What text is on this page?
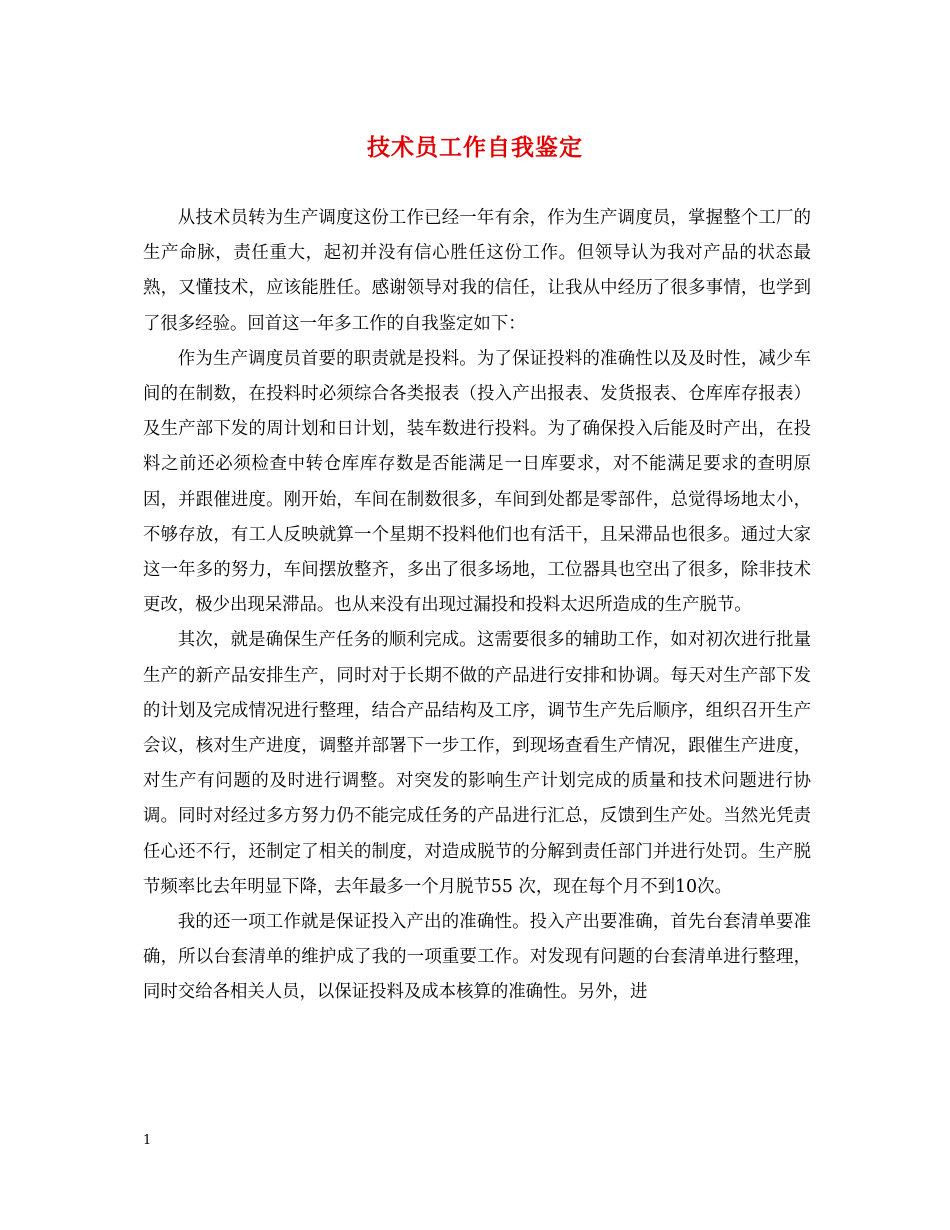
技术员工作自我鉴定

从技术员转为生产调度这份工作已经一年有余，作为生产调度员，掌握整个工厂的生产命脉，责任重大，起初并没有信心胜任这份工作。但领导认为我对产品的状态最熟，又懂技术，应该能胜任。感谢领导对我的信任，让我从中经历了很多事情，也学到了很多经验。回首这一年多工作的自我鉴定如下：

作为生产调度员首要的职责就是投料。为了保证投料的准确性以及及时性，减少车间的在制数，在投料时必须综合各类报表（投入产出报表、发货报表、仓库库存报表）及生产部下发的周计划和日计划，装车数进行投料。为了确保投入后能及时产出，在投料之前还必须检查中转仓库库存数是否能满足一日库要求，对不能满足要求的查明原因，并跟催进度。刚开始，车间在制数很多，车间到处都是零部件，总觉得场地太小，不够存放，有工人反映就算一个星期不投料他们也有活干，且呆滞品也很多。通过大家这一年多的努力，车间摆放整齐，多出了很多场地，工位器具也空出了很多，除非技术更改，极少出现呆滞品。也从来没有出现过漏投和投料太迟所造成的生产脱节。

其次，就是确保生产任务的顺利完成。这需要很多的辅助工作，如对初次进行批量生产的新产品安排生产，同时对于长期不做的产品进行安排和协调。每天对生产部下发的计划及完成情况进行整理，结合产品结构及工序，调节生产先后顺序，组织召开生产会议，核对生产进度，调整并部署下一步工作，到现场查看生产情况，跟催生产进度，对生产有问题的及时进行调整。对突发的影响生产计划完成的质量和技术问题进行协调。同时对经过多方努力仍不能完成任务的产品进行汇总，反馈到生产处。当然光凭责任心还不行，还制定了相关的制度，对造成脱节的分解到责任部门并进行处罚。生产脱节频率比去年明显下降，去年最多一个月脱节55 次，现在每个月不到10次。

我的还一项工作就是保证投入产出的准确性。投入产出要准确，首先台套清单要准确，所以台套清单的维护成了我的一项重要工作。对发现有问题的台套清单进行整理，同时交给各相关人员，以保证投料及成本核算的准确性。另外，进

1
